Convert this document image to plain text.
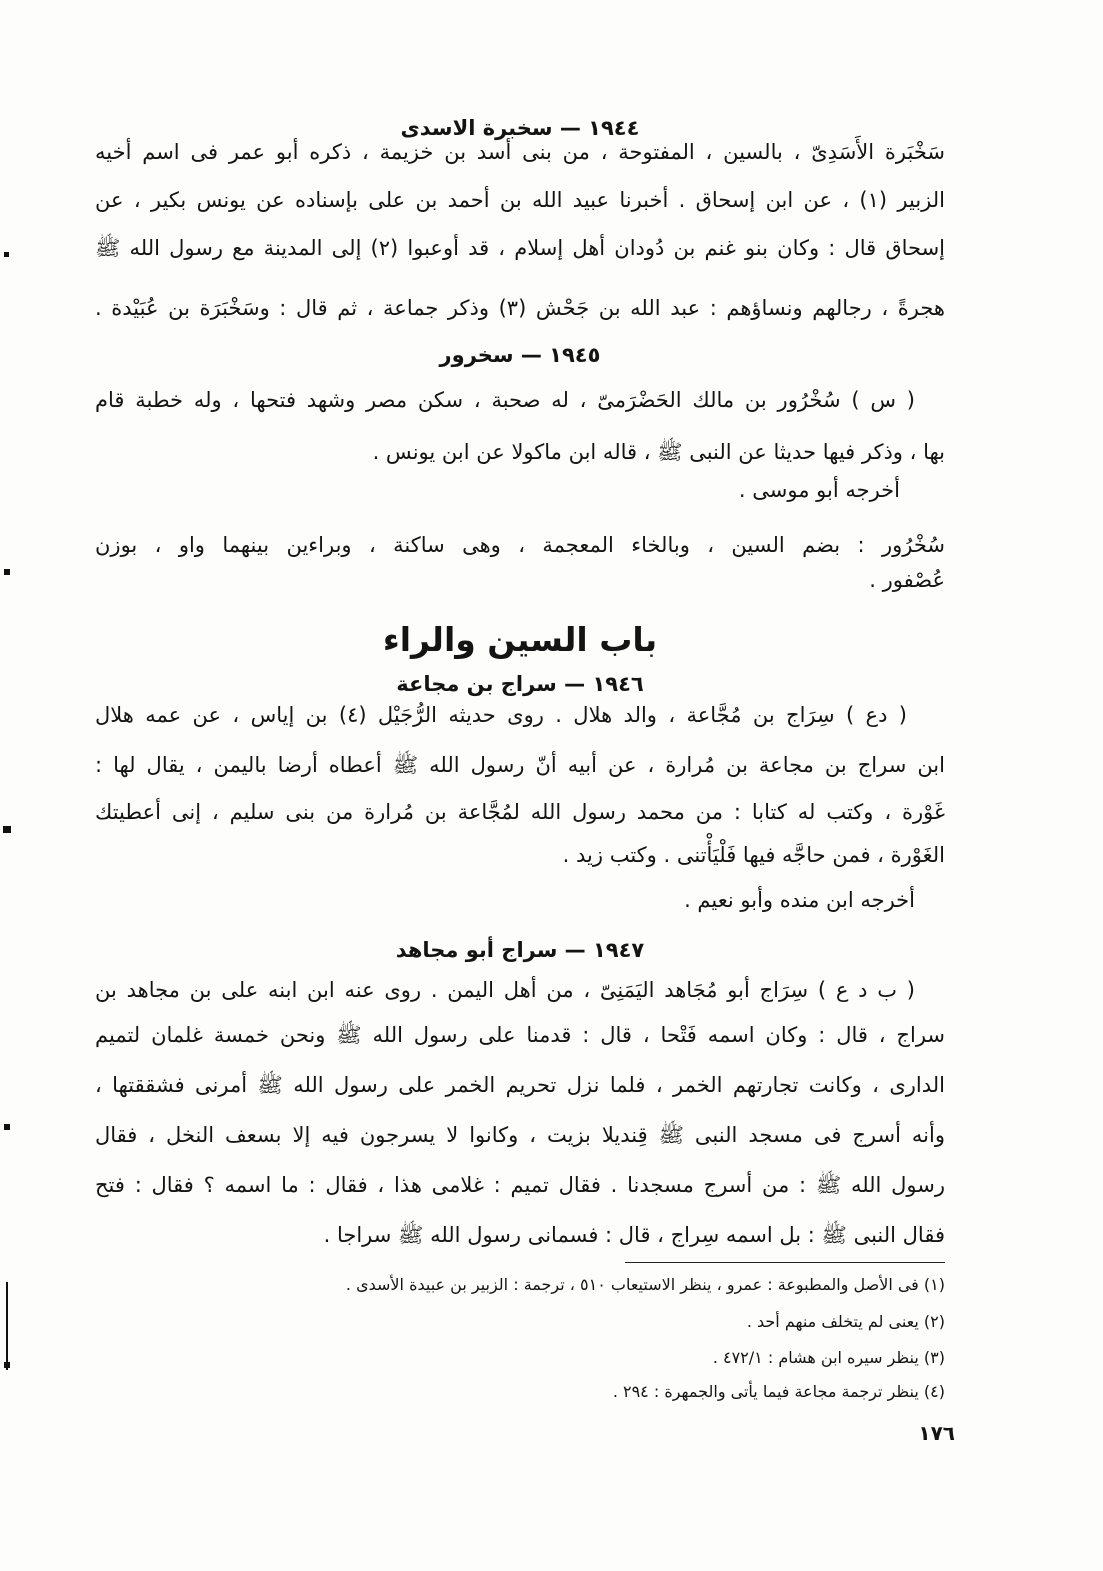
١٩٤٤ — سخبرة الاسدى
سَخْبَرة الأَسَدِىّ ، بالسين ، المفتوحة ، من بنى أسد بن خزيمة ، ذكره أبو عمر فى اسم أخيه
الزبير (١) ، عن ابن إسحاق . أخبرنا عبيد الله بن أحمد بن على بإسناده عن يونس بكير ، عن
إسحاق قال : وكان بنو غنم بن دُودان أهل إسلام ، قد أوعبوا (٢) إلى المدينة مع رسول الله ﷺ
هجرةً ، رجالهم ونساؤهم : عبد الله بن جَحْش (٣) وذكر جماعة ، ثم قال : وسَخْبَرَة بن عُبَيْدة .
١٩٤٥ — سخرور
( س ) سُخْرُور بن مالك الحَضْرَمىّ ، له صحبة ، سكن مصر وشهد فتحها ، وله خطبة قام
بها ، وذكر فيها حديثا عن النبى ﷺ ، قاله ابن ماكولا عن ابن يونس .
أخرجه أبو موسى .
سُخْرُور : بضم السين ، وبالخاء المعجمة ، وهى ساكنة ، وبراءين بينهما واو ، بوزن
عُصْفور .
باب السين والراء
١٩٤٦ — سراج بن مجاعة
( دع ) سِرَاج بن مُجَّاعة ، والد هلال . روى حديثه الرُّجَيْل (٤) بن إياس ، عن عمه هلال
ابن سراج بن مجاعة بن مُرارة ، عن أبيه أنّ رسول الله ﷺ أعطاه أرضا باليمن ، يقال لها :
غَوْرة ، وكتب له كتابا : من محمد رسول الله لمُجَّاعة بن مُرارة من بنى سليم ، إنى أعطيتك
الغَوْرة ، فمن حاجَّه فيها فَلْيَأْتنى . وكتب زيد .
أخرجه ابن منده وأبو نعيم .
١٩٤٧ — سراج أبو مجاهد
( ب د ع ) سِرَاج أبو مُجَاهد اليَمَنِىّ ، من أهل اليمن . روى عنه ابن ابنه على بن مجاهد بن
سراج ، قال : وكان اسمه فَتْحا ، قال : قدمنا على رسول الله ﷺ ونحن خمسة غلمان لتميم
الدارى ، وكانت تجارتهم الخمر ، فلما نزل تحريم الخمر على رسول الله ﷺ أمرنى فشققتها ،
وأنه أسرج فى مسجد النبى ﷺ قِنديلا بزيت ، وكانوا لا يسرجون فيه إلا بسعف النخل ، فقال
رسول الله ﷺ : من أسرج مسجدنا . فقال تميم : غلامى هذا ، فقال : ما اسمه ؟ فقال : فتح
فقال النبى ﷺ : بل اسمه سِراج ، قال : فسمانى رسول الله ﷺ سراجا .
(١) فى الأصل والمطبوعة : عمرو ، ينظر الاستيعاب ٥١٠ ، ترجمة : الزبير بن عبيدة الأسدى .
(٢) يعنى لم يتخلف منهم أحد .
(٣) ينظر سيره ابن هشام : ٤٧٢/١ .
(٤) ينظر ترجمة مجاعة فيما يأتى والجمهرة : ٢٩٤ .
١٧٦
